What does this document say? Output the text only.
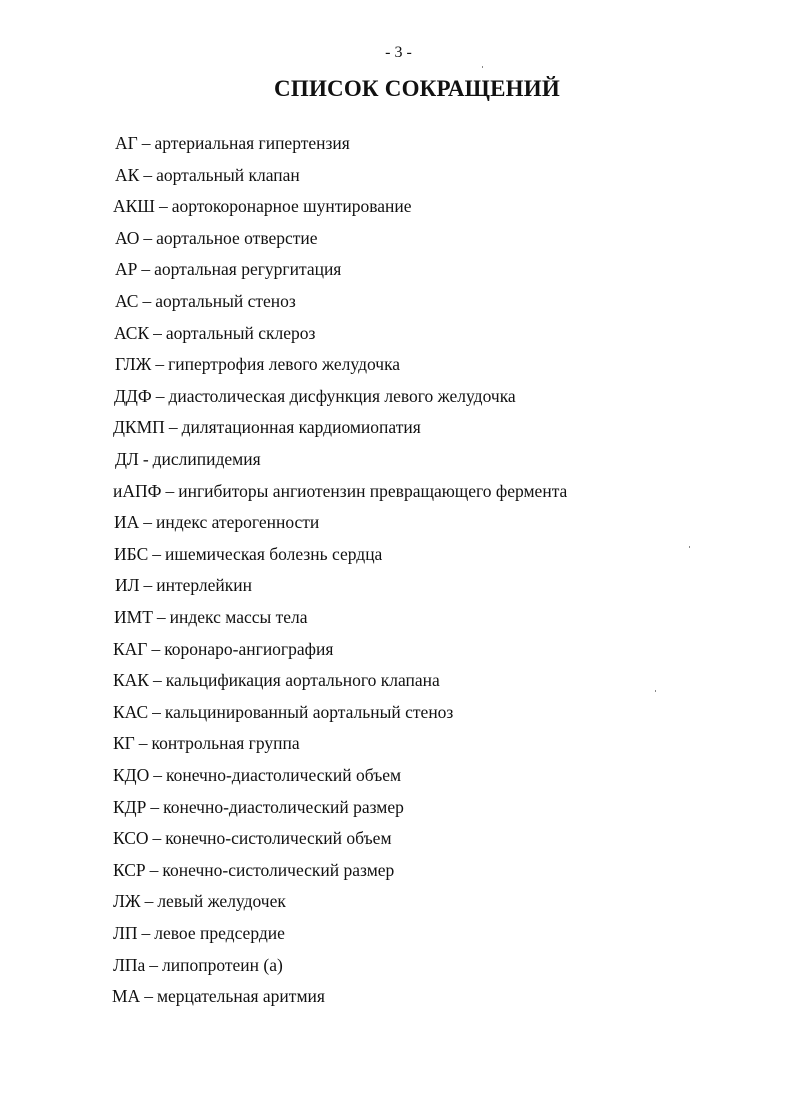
- 3 -
СПИСОК СОКРАЩЕНИЙ
АГ – артериальная гипертензия
АК – аортальный клапан
АКШ – аортокоронарное шунтирование
АО – аортальное отверстие
АР – аортальная регургитация
АС – аортальный стеноз
АСК – аортальный склероз
ГЛЖ – гипертрофия левого желудочка
ДДФ – диастолическая дисфункция левого желудочка
ДКМП – дилятационная кардиомиопатия
ДЛ - дислипидемия
иАПФ – ингибиторы ангиотензин превращающего фермента
ИА – индекс атерогенности
ИБС – ишемическая болезнь сердца
ИЛ – интерлейкин
ИМТ – индекс массы тела
КАГ – коронаро-ангиография
КАК – кальцификация аортального клапана
КАС – кальцинированный аортальный стеноз
КГ – контрольная группа
КДО – конечно-диастолический объем
КДР – конечно-диастолический размер
КСО – конечно-систолический объем
КСР – конечно-систолический размер
ЛЖ – левый желудочек
ЛП – левое предсердие
ЛПа – липопротеин (а)
МА – мерцательная аритмия
